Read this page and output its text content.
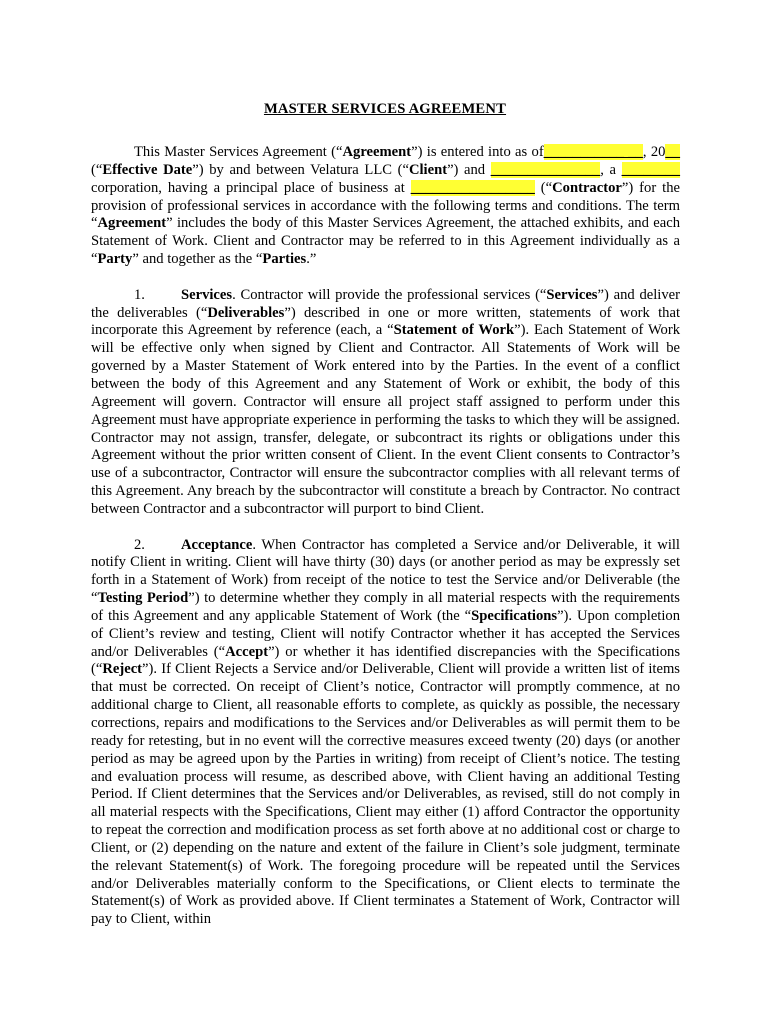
MASTER SERVICES AGREEMENT

This Master Services Agreement (“Agreement”) is entered into as of___________ __, 20__ (“Effective Date”) by and between Velatura LLC (“Client”) and _______________, a ________ corporation, having a principal place of business at _________________ (“Contractor”) for the provision of professional services in accordance with the following terms and conditions. The term “Agreement” includes the body of this Master Services Agreement, the attached exhibits, and each Statement of Work. Client and Contractor may be referred to in this Agreement individually as a “Party” and together as the “Parties.”

1. Services. Contractor will provide the professional services (“Services”) and deliver the deliverables (“Deliverables”) described in one or more written, statements of work that incorporate this Agreement by reference (each, a “Statement of Work”). Each Statement of Work will be effective only when signed by Client and Contractor. All Statements of Work will be governed by a Master Statement of Work entered into by the Parties. In the event of a conflict between the body of this Agreement and any Statement of Work or exhibit, the body of this Agreement will govern. Contractor will ensure all project staff assigned to perform under this Agreement must have appropriate experience in performing the tasks to which they will be assigned. Contractor may not assign, transfer, delegate, or subcontract its rights or obligations under this Agreement without the prior written consent of Client. In the event Client consents to Contractor’s use of a subcontractor, Contractor will ensure the subcontractor complies with all relevant terms of this Agreement. Any breach by the subcontractor will constitute a breach by Contractor. No contract between Contractor and a subcontractor will purport to bind Client.

2. Acceptance. When Contractor has completed a Service and/or Deliverable, it will notify Client in writing. Client will have thirty (30) days (or another period as may be expressly set forth in a Statement of Work) from receipt of the notice to test the Service and/or Deliverable (the “Testing Period”) to determine whether they comply in all material respects with the requirements of this Agreement and any applicable Statement of Work (the “Specifications”). Upon completion of Client’s review and testing, Client will notify Contractor whether it has accepted the Services and/or Deliverables (“Accept”) or whether it has identified discrepancies with the Specifications (“Reject”). If Client Rejects a Service and/or Deliverable, Client will provide a written list of items that must be corrected. On receipt of Client’s notice, Contractor will promptly commence, at no additional charge to Client, all reasonable efforts to complete, as quickly as possible, the necessary corrections, repairs and modifications to the Services and/or Deliverables as will permit them to be ready for retesting, but in no event will the corrective measures exceed twenty (20) days (or another period as may be agreed upon by the Parties in writing) from receipt of Client’s notice. The testing and evaluation process will resume, as described above, with Client having an additional Testing Period. If Client determines that the Services and/or Deliverables, as revised, still do not comply in all material respects with the Specifications, Client may either (1) afford Contractor the opportunity to repeat the correction and modification process as set forth above at no additional cost or charge to Client, or (2) depending on the nature and extent of the failure in Client’s sole judgment, terminate the relevant Statement(s) of Work. The foregoing procedure will be repeated until the Services and/or Deliverables materially conform to the Specifications, or Client elects to terminate the Statement(s) of Work as provided above. If Client terminates a Statement of Work, Contractor will pay to Client, within
